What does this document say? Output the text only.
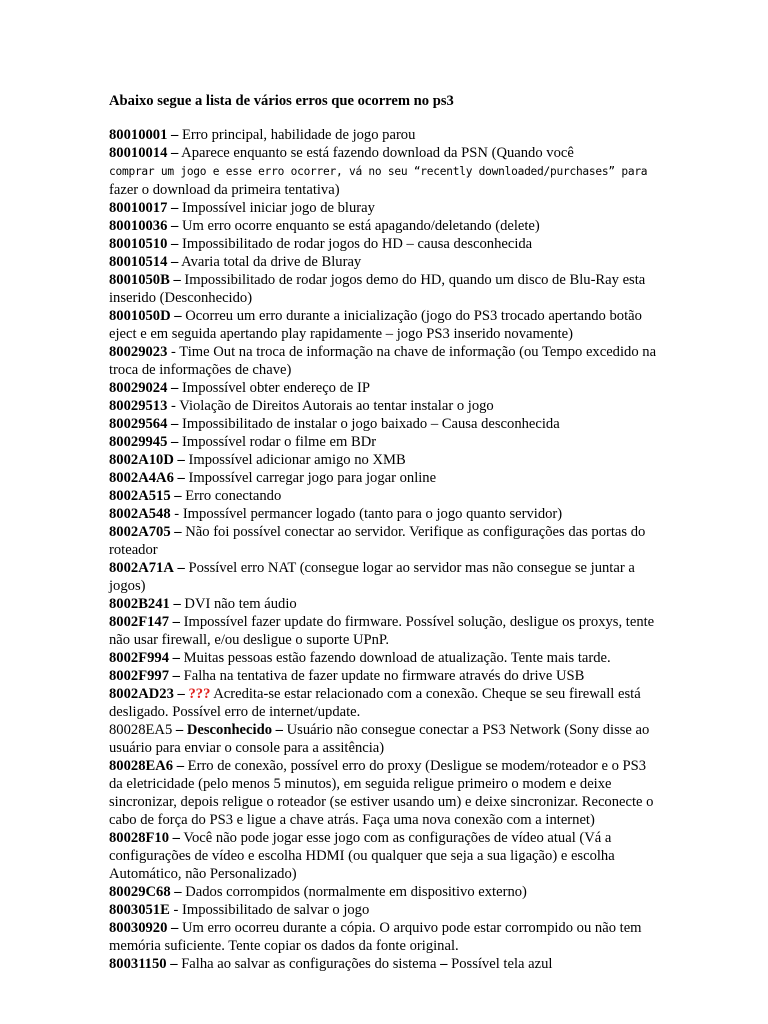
Abaixo segue a lista de vários erros que ocorrem no ps3

80010001 – Erro principal, habilidade de jogo parou

80010014 – Aparece enquanto se está fazendo download da PSN (Quando você
comprar um jogo e esse erro ocorrer, vá no seu “recently downloaded/purchases” para
fazer o download da primeira tentativa)

80010017 – Impossível iniciar jogo de bluray

80010036 – Um erro ocorre enquanto se está apagando/deletando (delete)

80010510 – Impossibilitado de rodar jogos do HD – causa desconhecida

80010514 – Avaria total da drive de Bluray

8001050B – Impossibilitado de rodar jogos demo do HD, quando um disco de Blu-Ray esta inserido (Desconhecido)

8001050D – Ocorreu um erro durante a inicialização (jogo do PS3 trocado apertando botão eject e em seguida apertando play rapidamente – jogo PS3 inserido novamente)

80029023 - Time Out na troca de informação na chave de informação (ou Tempo excedido na troca de informações de chave)

80029024 – Impossível obter endereço de IP

80029513 - Violação de Direitos Autorais ao tentar instalar o jogo

80029564 – Impossibilitado de instalar o jogo baixado – Causa desconhecida

80029945 – Impossível rodar o filme em BDr

8002A10D – Impossível adicionar amigo no XMB

8002A4A6 – Impossível carregar jogo para jogar online

8002A515 – Erro conectando

8002A548 - Impossível permancer logado (tanto para o jogo quanto servidor)

8002A705 – Não foi possível conectar ao servidor. Verifique as configurações das portas do roteador

8002A71A – Possível erro NAT (consegue logar ao servidor mas não consegue se juntar a jogos)

8002B241 – DVI não tem áudio

8002F147 – Impossível fazer update do firmware. Possível solução, desligue os proxys, tente não usar firewall, e/ou desligue o suporte UPnP.

8002F994 – Muitas pessoas estão fazendo download de atualização. Tente mais tarde.

8002F997 – Falha na tentativa de fazer update no firmware através do drive USB

8002AD23 – ??? Acredita-se estar relacionado com a conexão. Cheque se seu firewall está desligado. Possível erro de internet/update.

80028EA5 – Desconhecido – Usuário não consegue conectar a PS3 Network (Sony disse ao usuário para enviar o console para a assitência)

80028EA6 – Erro de conexão, possível erro do proxy (Desligue se modem/roteador e o PS3 da eletricidade (pelo menos 5 minutos), em seguida religue primeiro o modem e deixe sincronizar, depois religue o roteador (se estiver usando um) e deixe sincronizar. Reconecte o cabo de força do PS3 e ligue a chave atrás. Faça uma nova conexão com a internet)

80028F10 – Você não pode jogar esse jogo com as configurações de vídeo atual (Vá a configurações de vídeo e escolha HDMI (ou qualquer que seja a sua ligação) e escolha Automático, não Personalizado)

80029C68 – Dados corrompidos (normalmente em dispositivo externo)

8003051E - Impossibilitado de salvar o jogo

80030920 – Um erro ocorreu durante a cópia. O arquivo pode estar corrompido ou não tem memória suficiente. Tente copiar os dados da fonte original.

80031150 – Falha ao salvar as configurações do sistema – Possível tela azul
